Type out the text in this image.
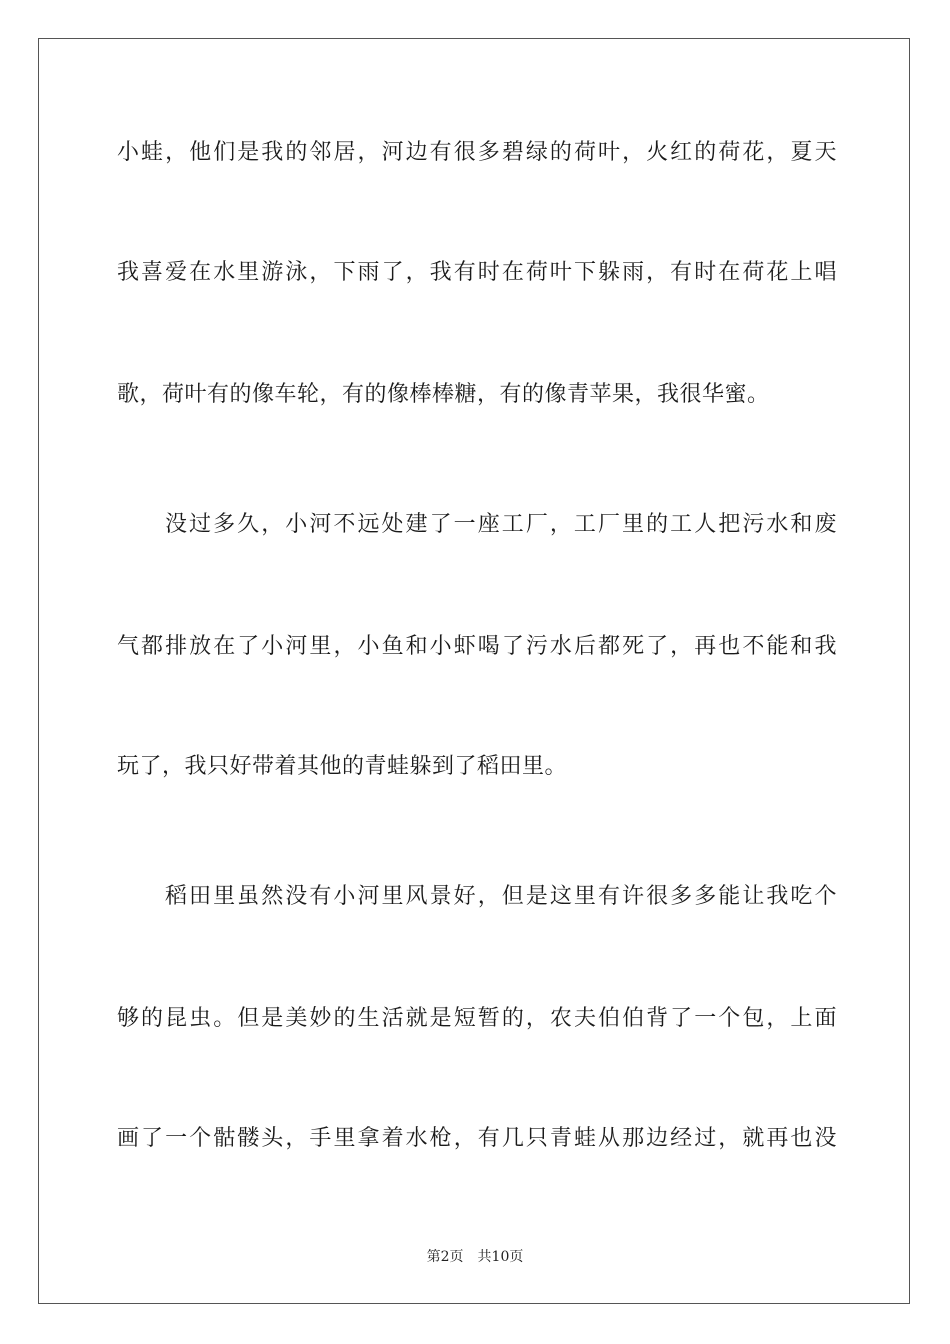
小蛙，他们是我的邻居，河边有很多碧绿的荷叶，火红的荷花，夏天
我喜爱在水里游泳，下雨了，我有时在荷叶下躲雨，有时在荷花上唱
歌，荷叶有的像车轮，有的像棒棒糖，有的像青苹果，我很华蜜。
没过多久，小河不远处建了一座工厂，工厂里的工人把污水和废
气都排放在了小河里，小鱼和小虾喝了污水后都死了，再也不能和我
玩了，我只好带着其他的青蛙躲到了稻田里。
稻田里虽然没有小河里风景好，但是这里有许很多多能让我吃个
够的昆虫。但是美妙的生活就是短暂的，农夫伯伯背了一个包，上面
画了一个骷髅头，手里拿着水枪，有几只青蛙从那边经过，就再也没
第2页 共10页
